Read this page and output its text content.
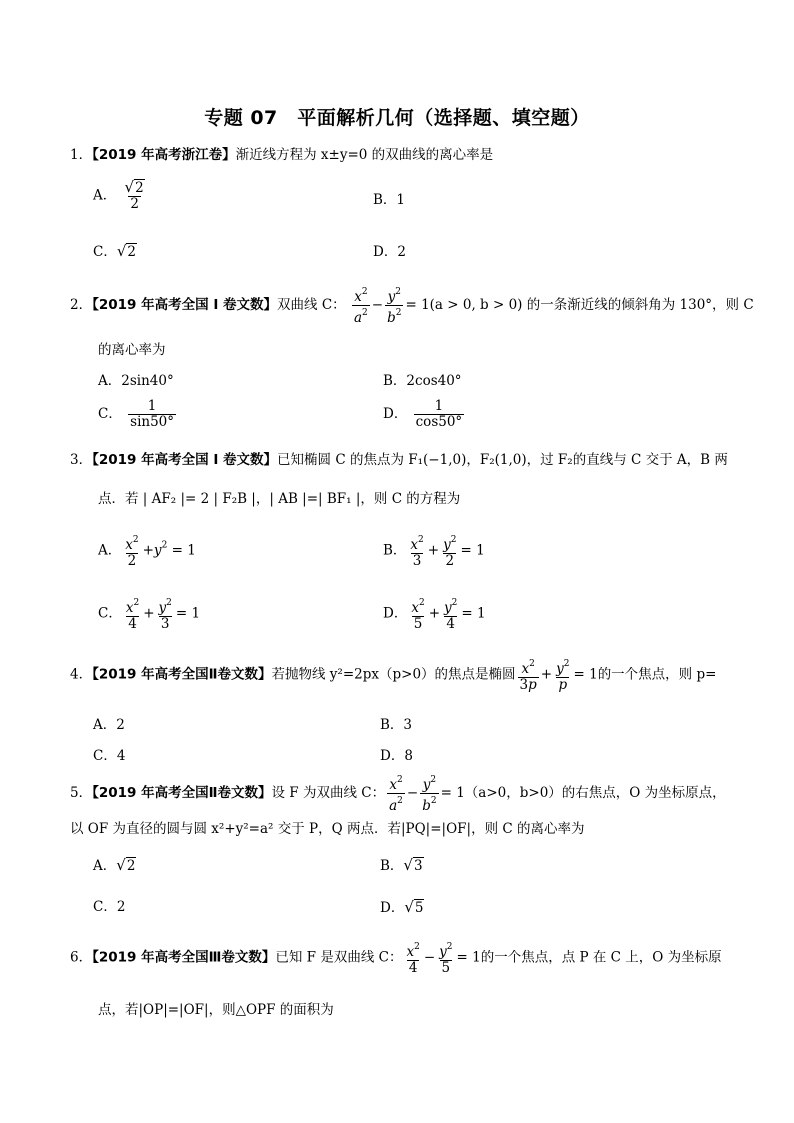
专题 07　平面解析几何（选择题、填空题）
1．【2019 年高考浙江卷】渐近线方程为 x±y=0 的双曲线的离心率是
A． $\frac{√2}{2}$	B．1
C．√2	D．2
2．【2019 年高考全国 I 卷文数】双曲线 C： $\frac{x^2}{a^2} - \frac{y^2}{b^2} = 1(a > 0$, b > 0) 的一条渐近线的倾斜角为 130°，则 C
的离心率为
A．2sin40°	B．2cos40°
C． $\frac{1}{\sin 50^\circ}$	D． $\frac{1}{\cos 50^\circ}$
3．【2019 年高考全国 I 卷文数】已知椭圆 C 的焦点为 F₁(−1,0)，F₂(1,0)，过 F₂的直线与 C 交于 A，B 两
点．若 | AF₂ |= 2 | F₂B |，| AB |=| BF₁ |，则 C 的方程为
A． $\frac{x^2}{2} +y^2 = 1$	B． $\frac{x^2}{3} + \frac{y^2}{2} = 1$
C． $\frac{x^2}{4} + \frac{y^2}{3} = 1$	D． $\frac{x^2}{5} + \frac{y^2}{4} = 1$
4．【2019 年高考全国Ⅱ卷文数】若抛物线 y²=2px（p>0）的焦点是椭圆 $\frac{x^2}{3p} + \frac{y^2}{p} = 1$的一个焦点，则 p=
A．2	B．3
C．4	D．8
5．【2019 年高考全国Ⅱ卷文数】设 F 为双曲线 C： $\frac{x^2}{a^2} - \frac{y^2}{b^2} = 1(a>0$，b>0）的右焦点，O 为坐标原点，
以 OF 为直径的圆与圆 x²+y²=a² 交于 P，Q 两点．若|PQ|=|OF|，则 C 的离心率为
A．√2	B．√3
C．2	D．√5
6．【2019 年高考全国Ⅲ卷文数】已知 F 是双曲线 C： $\frac{x^2}{4} - \frac{y^2}{5} = 1$的一个焦点，点 P 在 C 上，O 为坐标原
点，若|OP|=|OF|，则△OPF 的面积为
